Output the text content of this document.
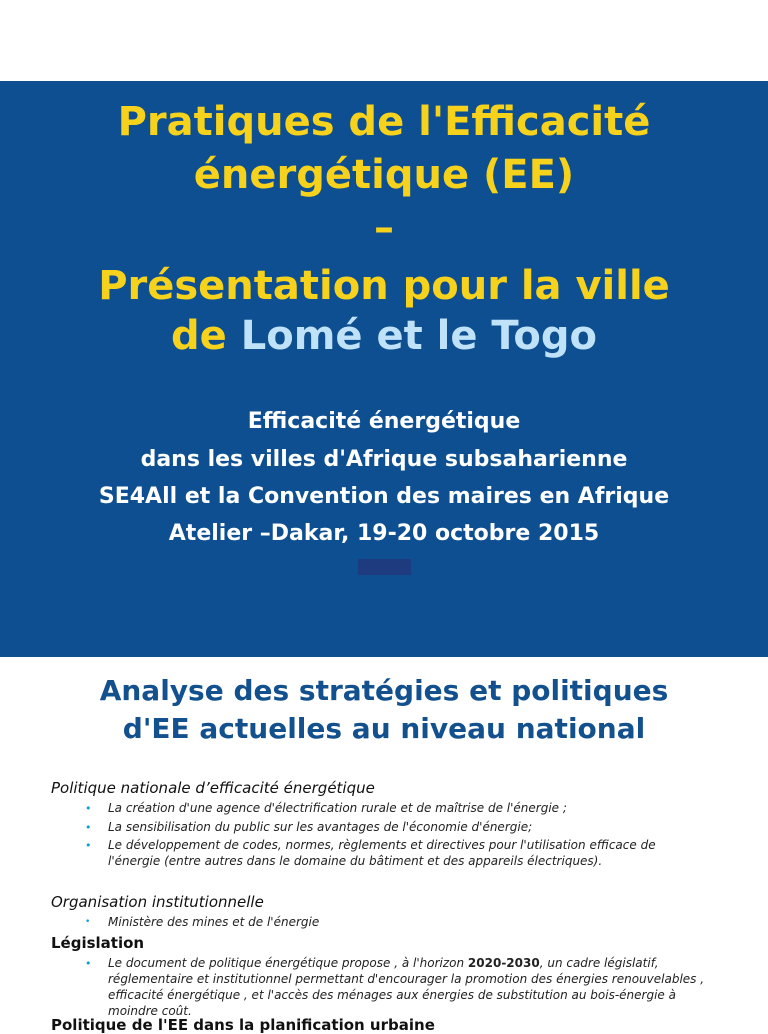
Pratiques de l'Efficacité
énergétique (EE)
–
Présentation pour la ville
de Lomé et le Togo
Efficacité énergétique
dans les villes d'Afrique subsaharienne
SE4All et la Convention des maires en Afrique
Atelier –Dakar, 19-20 octobre 2015
Analyse des stratégies et politiques
d'EE actuelles au niveau national
Politique nationale d’efficacité énergétique
• La création d'une agence d'électrification rurale et de maîtrise de l'énergie ;
• La sensibilisation du public sur les avantages de l'économie d'énergie;
• Le développement de codes, normes, règlements et directives pour l'utilisation efficace de l'énergie (entre autres dans le domaine du bâtiment et des appareils électriques).
Organisation institutionnelle
• Ministère des mines et de l'énergie
Législation
• Le document de politique énergétique propose , à l'horizon 2020-2030, un cadre législatif, réglementaire et institutionnel permettant d'encourager la promotion des énergies renouvelables , efficacité énergétique , et l'accès des ménages aux énergies de substitution au bois-énergie à moindre coût.
Politique de l'EE dans la planification urbaine
